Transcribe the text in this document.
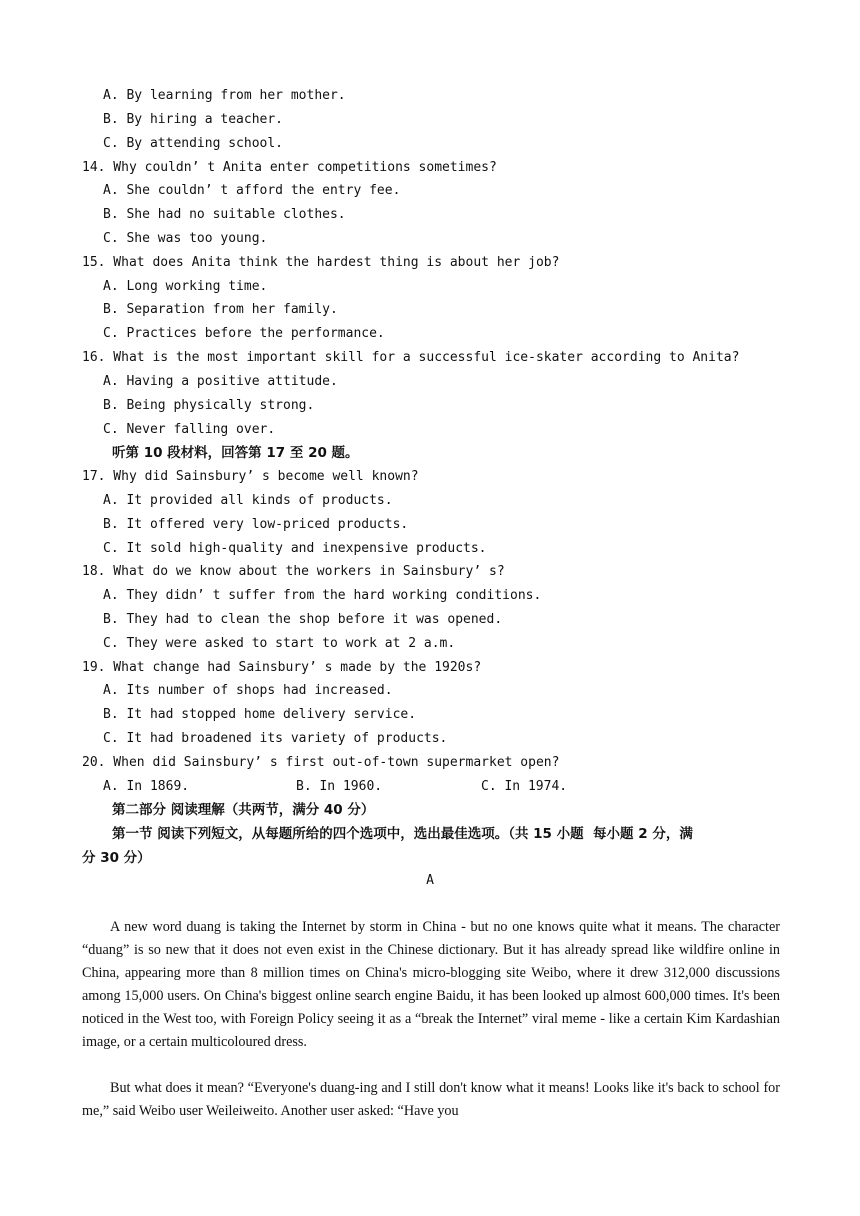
A. By learning from her mother.
B. By hiring a teacher.
C. By attending school.
14. Why couldn’ t Anita enter competitions sometimes?
A. She couldn’ t afford the entry fee.
B. She had no suitable clothes.
C. She was too young.
15. What does Anita think the hardest thing is about her job?
A. Long working time.
B. Separation from her family.
C. Practices before the performance.
16. What is the most important skill for a successful ice-skater according to Anita?
A. Having a positive attitude.
B. Being physically strong.
C. Never falling over.
听第 10 段材料，回答第 17 至 20 题。
17. Why did Sainsbury’ s become well known?
A. It provided all kinds of products.
B. It offered very low-priced products.
C. It sold high-quality and inexpensive products.
18. What do we know about the workers in Sainsbury’ s?
A. They didn’ t suffer from the hard working conditions.
B. They had to clean the shop before it was opened.
C. They were asked to start to work at 2 a.m.
19. What change had Sainsbury’ s made by the 1920s?
A. Its number of shops had increased.
B. It had stopped home delivery service.
C. It had broadened its variety of products.
20. When did Sainsbury’ s first out-of-town supermarket open?
A. In 1869.	B. In 1960.	C. In 1974.
第二部分 阅读理解（共两节，满分 40 分）
第一节 阅读下列短文，从每题所给的四个选项中，选出最佳选项。（共 15 小题  每小题 2 分，满
分 30 分）
A
A new word duang is taking the Internet by storm in China - but no one knows quite what it means. The character “duang” is so new that it does not even exist in the Chinese dictionary. But it has already spread like wildfire online in China, appearing more than 8 million times on China's micro-blogging site Weibo, where it drew 312,000 discussions among 15,000 users. On China's biggest online search engine Baidu, it has been looked up almost 600,000 times. It's been noticed in the West too, with Foreign Policy seeing it as a “break the Internet” viral meme - like a certain Kim Kardashian image, or a certain multicoloured dress.
But what does it mean? “Everyone's duang-ing and I still don't know what it means! Looks like it's back to school for me,” said Weibo user Weileiweito. Another user asked: “Have you
